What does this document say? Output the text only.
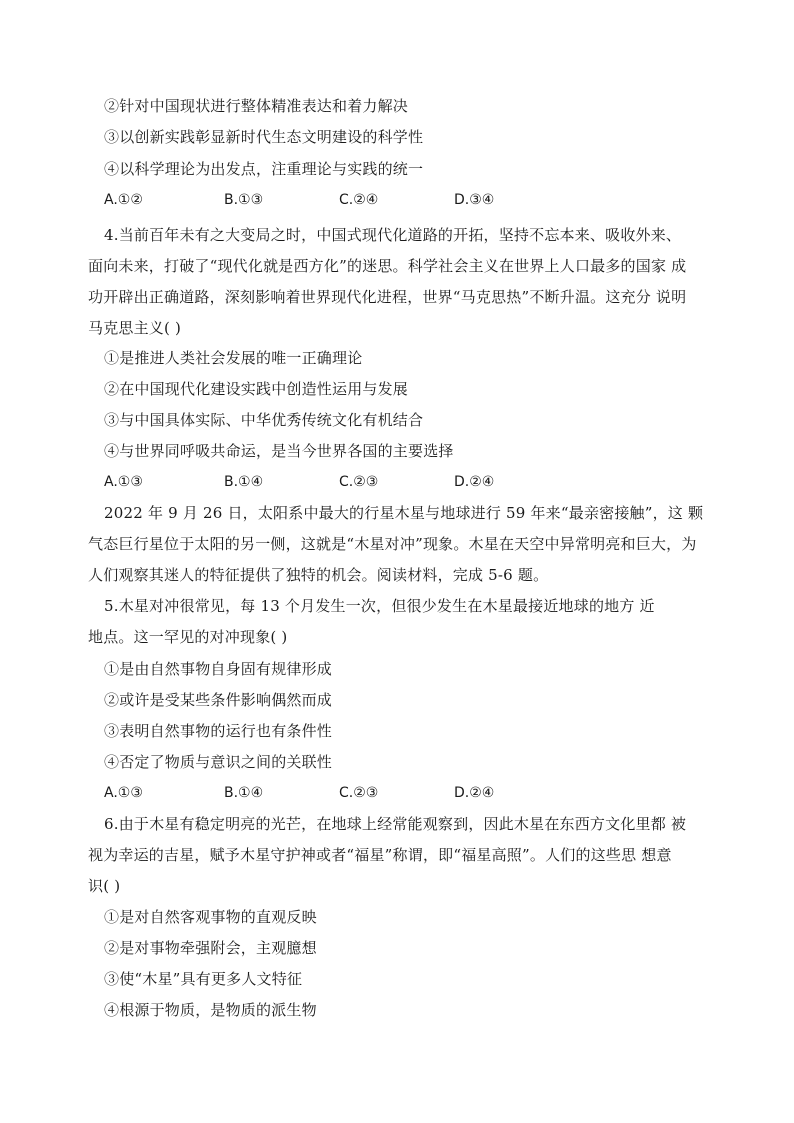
②针对中国现状进行整体精准表达和着力解决
③以创新实践彰显新时代生态文明建设的科学性
④以科学理论为出发点，注重理论与实践的统一
A.①②	B.①③	C.②④	D.③④
4.当前百年未有之大变局之时，中国式现代化道路的开拓，坚持不忘本来、吸收外来、
面向未来，打破了“现代化就是西方化”的迷思。科学社会主义在世界上人口最多的国家 成
功开辟出正确道路，深刻影响着世界现代化进程，世界“马克思热”不断升温。这充分 说明
马克思主义( )
①是推进人类社会发展的唯一正确理论
②在中国现代化建设实践中创造性运用与发展
③与中国具体实际、中华优秀传统文化有机结合
④与世界同呼吸共命运，是当今世界各国的主要选择
A.①③	B.①④	C.②③	D.②④
2022 年 9 月 26 日，太阳系中最大的行星木星与地球进行 59 年来“最亲密接触”，这 颗
气态巨行星位于太阳的另一侧，这就是“木星对冲”现象。木星在天空中异常明亮和巨大，为
人们观察其迷人的特征提供了独特的机会。阅读材料，完成 5-6 题。
5.木星对冲很常见，每 13 个月发生一次，但很少发生在木星最接近地球的地方 近
地点。这一罕见的对冲现象( )
①是由自然事物自身固有规律形成
②或许是受某些条件影响偶然而成
③表明自然事物的运行也有条件性
④否定了物质与意识之间的关联性
A.①③	B.①④	C.②③	D.②④
6.由于木星有稳定明亮的光芒，在地球上经常能观察到，因此木星在东西方文化里都 被
视为幸运的吉星，赋予木星守护神或者“福星”称谓，即“福星高照”。人们的这些思 想意
识( )
①是对自然客观事物的直观反映
②是对事物牵强附会，主观臆想
③使“木星”具有更多人文特征
④根源于物质，是物质的派生物
